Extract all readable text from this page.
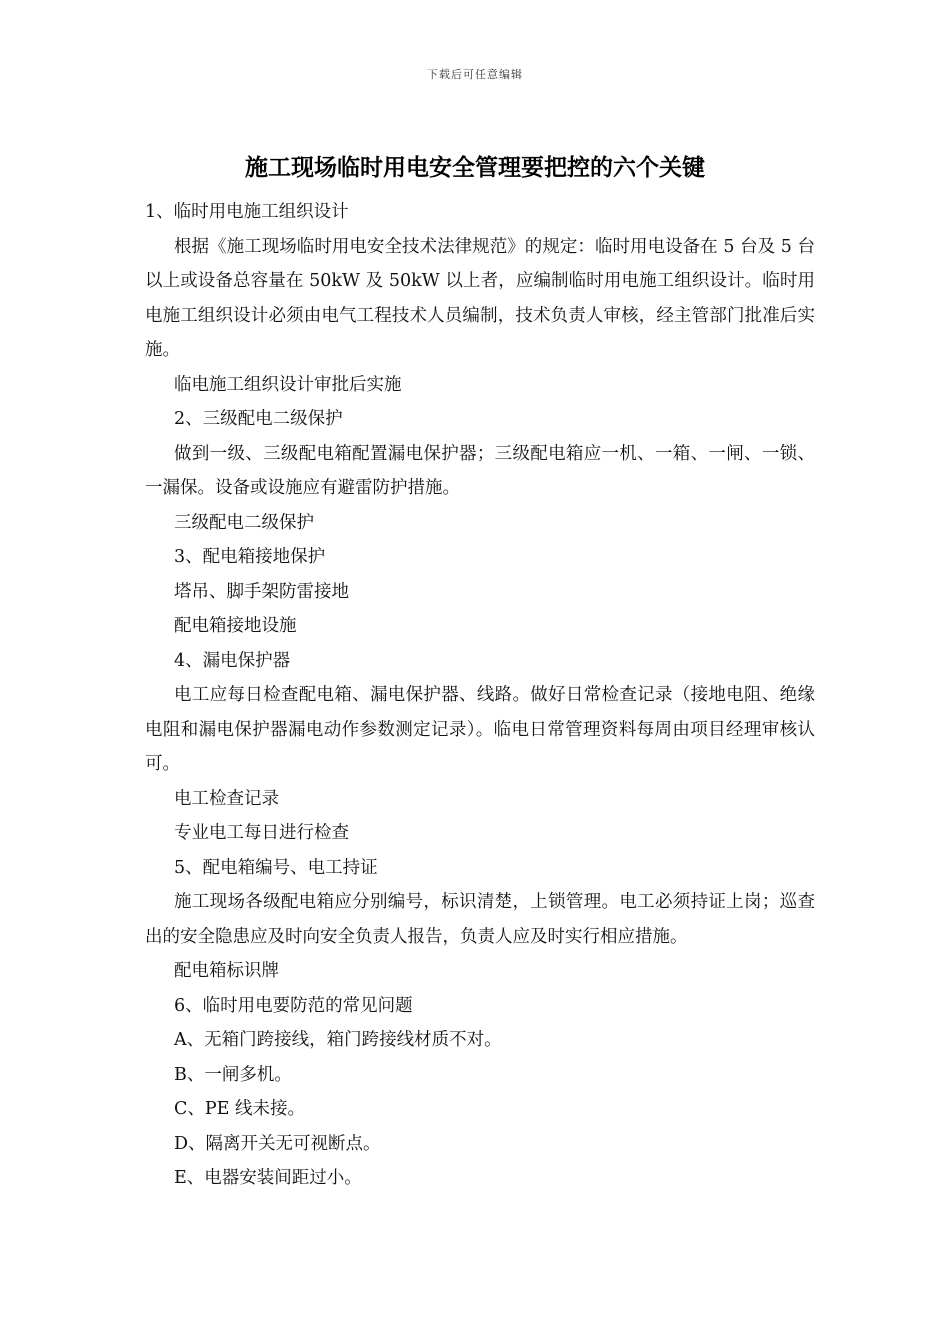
下载后可任意编辑
施工现场临时用电安全管理要把控的六个关键

1、临时用电施工组织设计

根据《施工现场临时用电安全技术法律规范》的规定：临时用电设备在 5 台及 5 台以上或设备总容量在 50kW 及 50kW 以上者，应编制临时用电施工组织设计。临时用电施工组织设计必须由电气工程技术人员编制，技术负责人审核，经主管部门批准后实施。

临电施工组织设计审批后实施

2、三级配电二级保护

做到一级、三级配电箱配置漏电保护器；三级配电箱应一机、一箱、一闸、一锁、一漏保。设备或设施应有避雷防护措施。

三级配电二级保护

3、配电箱接地保护

塔吊、脚手架防雷接地

配电箱接地设施

4、漏电保护器

电工应每日检查配电箱、漏电保护器、线路。做好日常检查记录（接地电阻、绝缘电阻和漏电保护器漏电动作参数测定记录）。临电日常管理资料每周由项目经理审核认可。

电工检查记录

专业电工每日进行检查

5、配电箱编号、电工持证

施工现场各级配电箱应分别编号，标识清楚，上锁管理。电工必须持证上岗；巡查出的安全隐患应及时向安全负责人报告，负责人应及时实行相应措施。

配电箱标识牌

6、临时用电要防范的常见问题

A、无箱门跨接线，箱门跨接线材质不对。

B、一闸多机。

C、PE 线未接。

D、隔离开关无可视断点。

E、电器安装间距过小。
